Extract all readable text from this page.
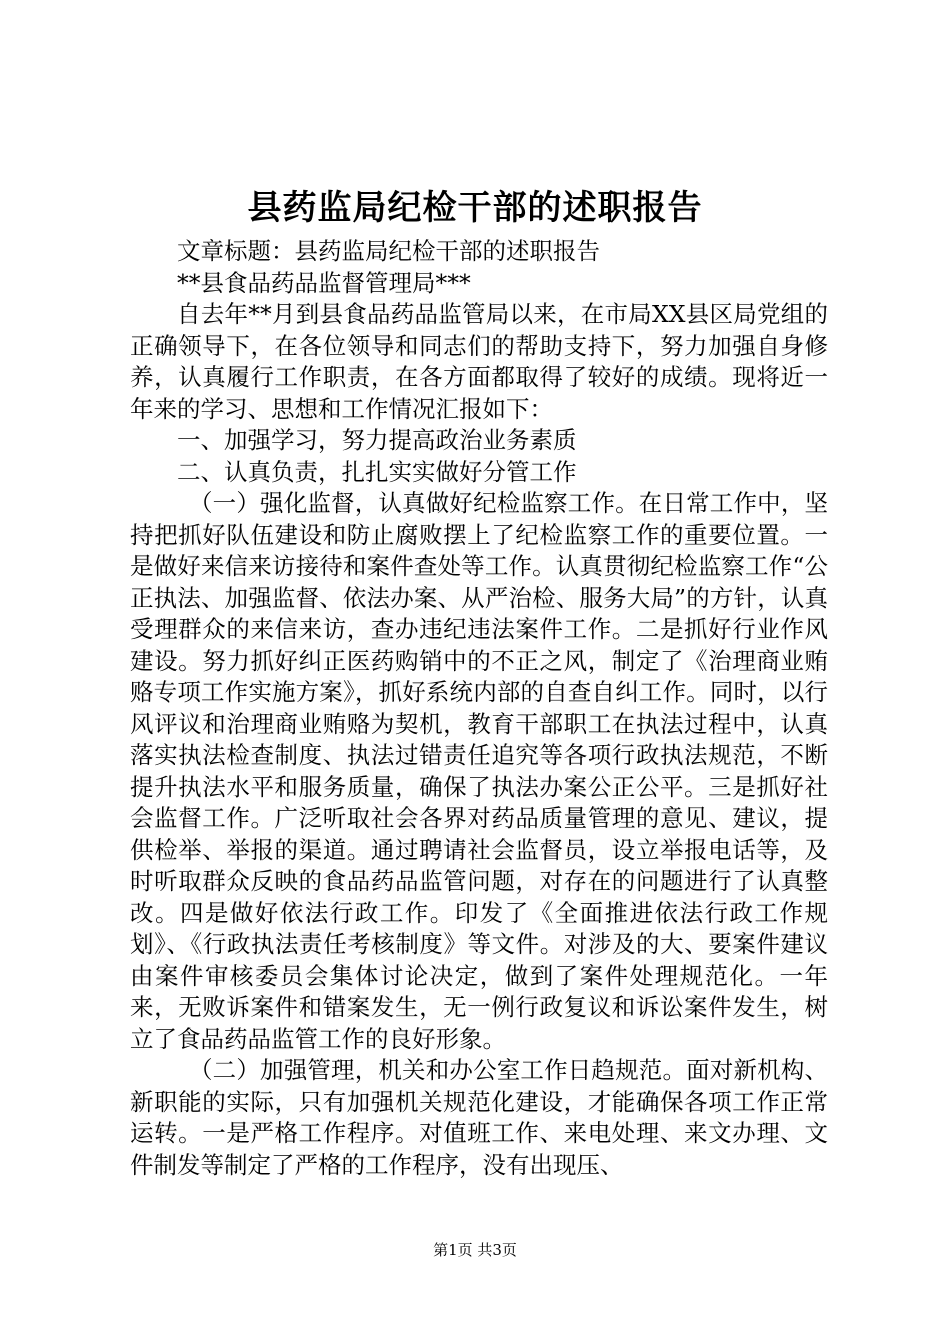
县药监局纪检干部的述职报告

文章标题：县药监局纪检干部的述职报告

**县食品药品监督管理局***

自去年**月到县食品药品监管局以来，在市局XX县区局党组的正确领导下，在各位领导和同志们的帮助支持下，努力加强自身修养，认真履行工作职责，在各方面都取得了较好的成绩。现将近一年来的学习、思想和工作情况汇报如下：

一、加强学习，努力提高政治业务素质

二、认真负责，扎扎实实做好分管工作

（一）强化监督，认真做好纪检监察工作。在日常工作中，坚持把抓好队伍建设和防止腐败摆上了纪检监察工作的重要位置。一是做好来信来访接待和案件查处等工作。认真贯彻纪检监察工作“公正执法、加强监督、依法办案、从严治检、服务大局”的方针，认真受理群众的来信来访，查办违纪违法案件工作。二是抓好行业作风建设。努力抓好纠正医药购销中的不正之风，制定了《治理商业贿赂专项工作实施方案》，抓好系统内部的自查自纠工作。同时，以行风评议和治理商业贿赂为契机，教育干部职工在执法过程中，认真落实执法检查制度、执法过错责任追究等各项行政执法规范，不断提升执法水平和服务质量，确保了执法办案公正公平。三是抓好社会监督工作。广泛听取社会各界对药品质量管理的意见、建议，提供检举、举报的渠道。通过聘请社会监督员，设立举报电话等，及时听取群众反映的食品药品监管问题，对存在的问题进行了认真整改。四是做好依法行政工作。印发了《全面推进依法行政工作规划》、《行政执法责任考核制度》等文件。对涉及的大、要案件建议由案件审核委员会集体讨论决定，做到了案件处理规范化。一年来，无败诉案件和错案发生，无一例行政复议和诉讼案件发生，树立了食品药品监管工作的良好形象。

（二）加强管理，机关和办公室工作日趋规范。面对新机构、新职能的实际，只有加强机关规范化建设，才能确保各项工作正常运转。一是严格工作程序。对值班工作、来电处理、来文办理、文件制发等制定了严格的工作程序，没有出现压、

第1页 共3页
